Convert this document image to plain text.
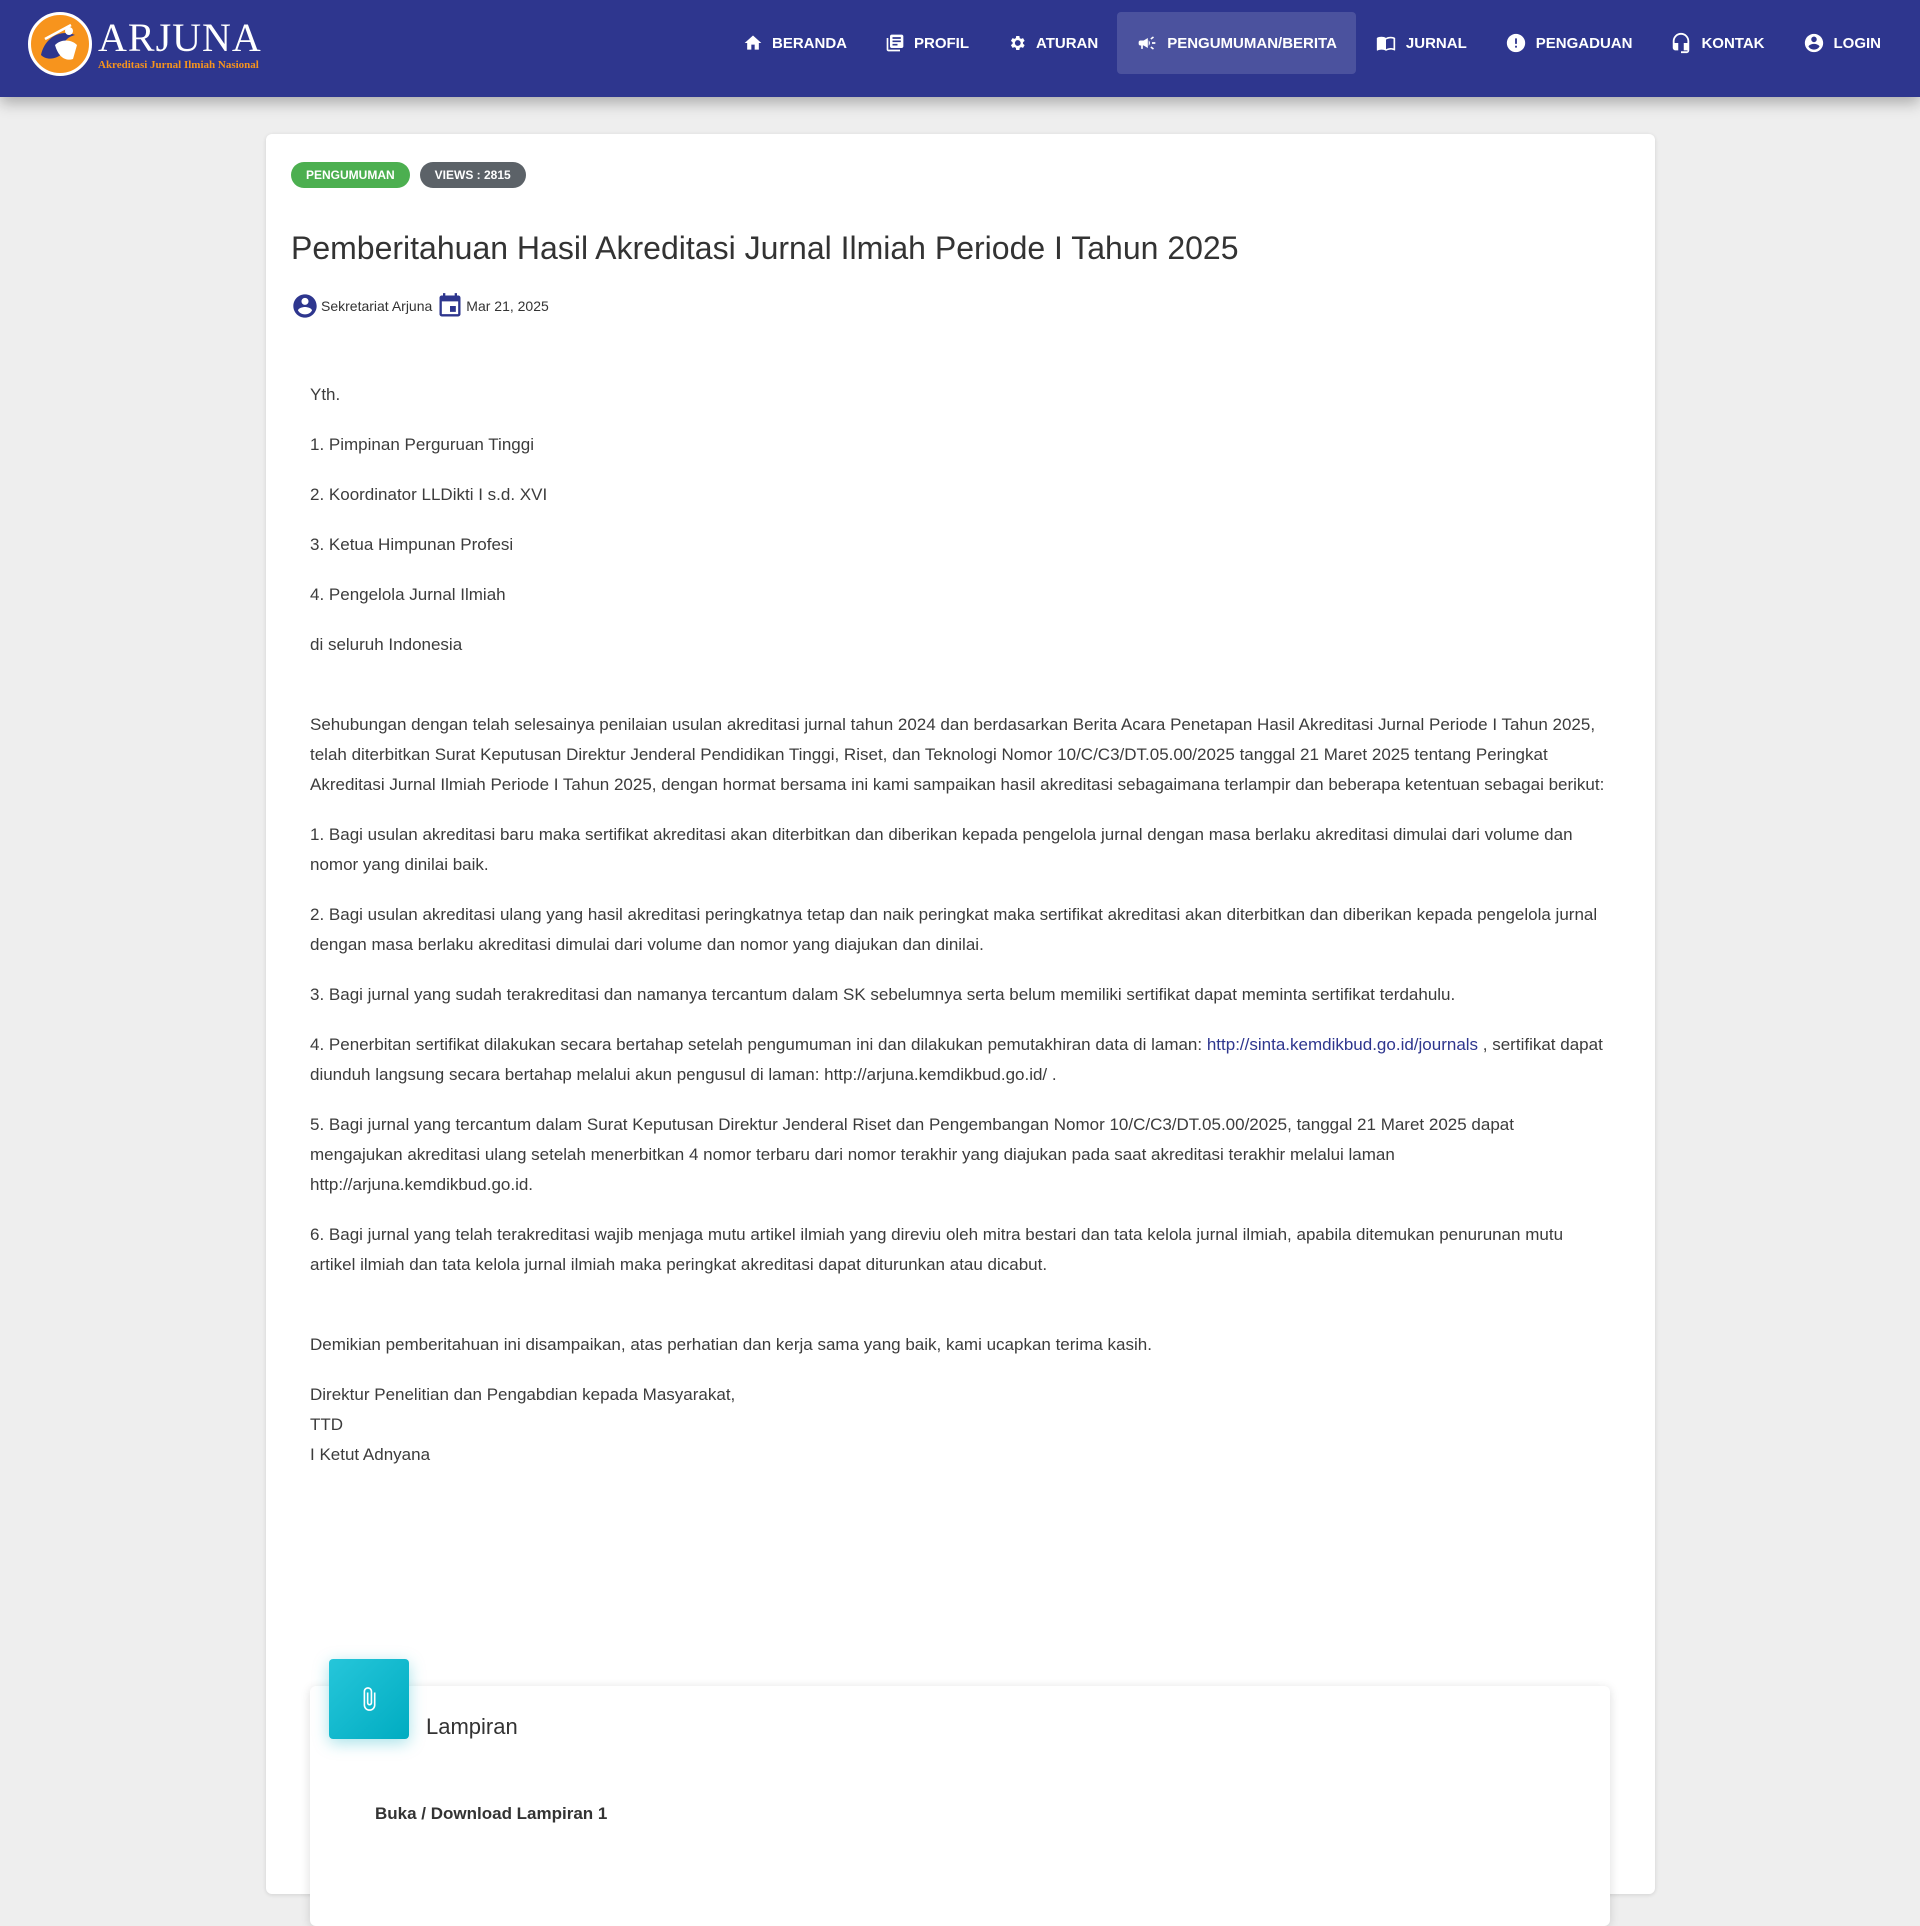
ARJUNA
Akreditasi Jurnal Ilmiah Nasional
BERANDA	PROFIL	ATURAN	PENGUMUMAN/BERITA	JURNAL	PENGADUAN	KONTAK	LOGIN
PENGUMUMAN	VIEWS : 2815
Pemberitahuan Hasil Akreditasi Jurnal Ilmiah Periode I Tahun 2025
Sekretariat Arjuna Mar 21, 2025

Yth.

1. Pimpinan Perguruan Tinggi

2. Koordinator LLDikti I s.d. XVI

3. Ketua Himpunan Profesi

4. Pengelola Jurnal Ilmiah

di seluruh Indonesia

Sehubungan dengan telah selesainya penilaian usulan akreditasi jurnal tahun 2024 dan berdasarkan Berita Acara Penetapan Hasil Akreditasi Jurnal Periode I Tahun 2025, telah diterbitkan Surat Keputusan Direktur Jenderal Pendidikan Tinggi, Riset, dan Teknologi Nomor 10/C/C3/DT.05.00/2025 tanggal 21 Maret 2025 tentang Peringkat Akreditasi Jurnal Ilmiah Periode I Tahun 2025, dengan hormat bersama ini kami sampaikan hasil akreditasi sebagaimana terlampir dan beberapa ketentuan sebagai berikut:

1. Bagi usulan akreditasi baru maka sertifikat akreditasi akan diterbitkan dan diberikan kepada pengelola jurnal dengan masa berlaku akreditasi dimulai dari volume dan nomor yang dinilai baik.

2. Bagi usulan akreditasi ulang yang hasil akreditasi peringkatnya tetap dan naik peringkat maka sertifikat akreditasi akan diterbitkan dan diberikan kepada pengelola jurnal dengan masa berlaku akreditasi dimulai dari volume dan nomor yang diajukan dan dinilai.

3. Bagi jurnal yang sudah terakreditasi dan namanya tercantum dalam SK sebelumnya serta belum memiliki sertifikat dapat meminta sertifikat terdahulu.

4. Penerbitan sertifikat dilakukan secara bertahap setelah pengumuman ini dan dilakukan pemutakhiran data di laman: http://sinta.kemdikbud.go.id/journals , sertifikat dapat diunduh langsung secara bertahap melalui akun pengusul di laman: http://arjuna.kemdikbud.go.id/ .

5. Bagi jurnal yang tercantum dalam Surat Keputusan Direktur Jenderal Riset dan Pengembangan Nomor 10/C/C3/DT.05.00/2025, tanggal 21 Maret 2025 dapat mengajukan akreditasi ulang setelah menerbitkan 4 nomor terbaru dari nomor terakhir yang diajukan pada saat akreditasi terakhir melalui laman http://arjuna.kemdikbud.go.id.

6. Bagi jurnal yang telah terakreditasi wajib menjaga mutu artikel ilmiah yang direviu oleh mitra bestari dan tata kelola jurnal ilmiah, apabila ditemukan penurunan mutu artikel ilmiah dan tata kelola jurnal ilmiah maka peringkat akreditasi dapat diturunkan atau dicabut.

Demikian pemberitahuan ini disampaikan, atas perhatian dan kerja sama yang baik, kami ucapkan terima kasih.

Direktur Penelitian dan Pengabdian kepada Masyarakat,

TTD

I Ketut Adnyana

Lampiran
Buka / Download Lampiran 1
